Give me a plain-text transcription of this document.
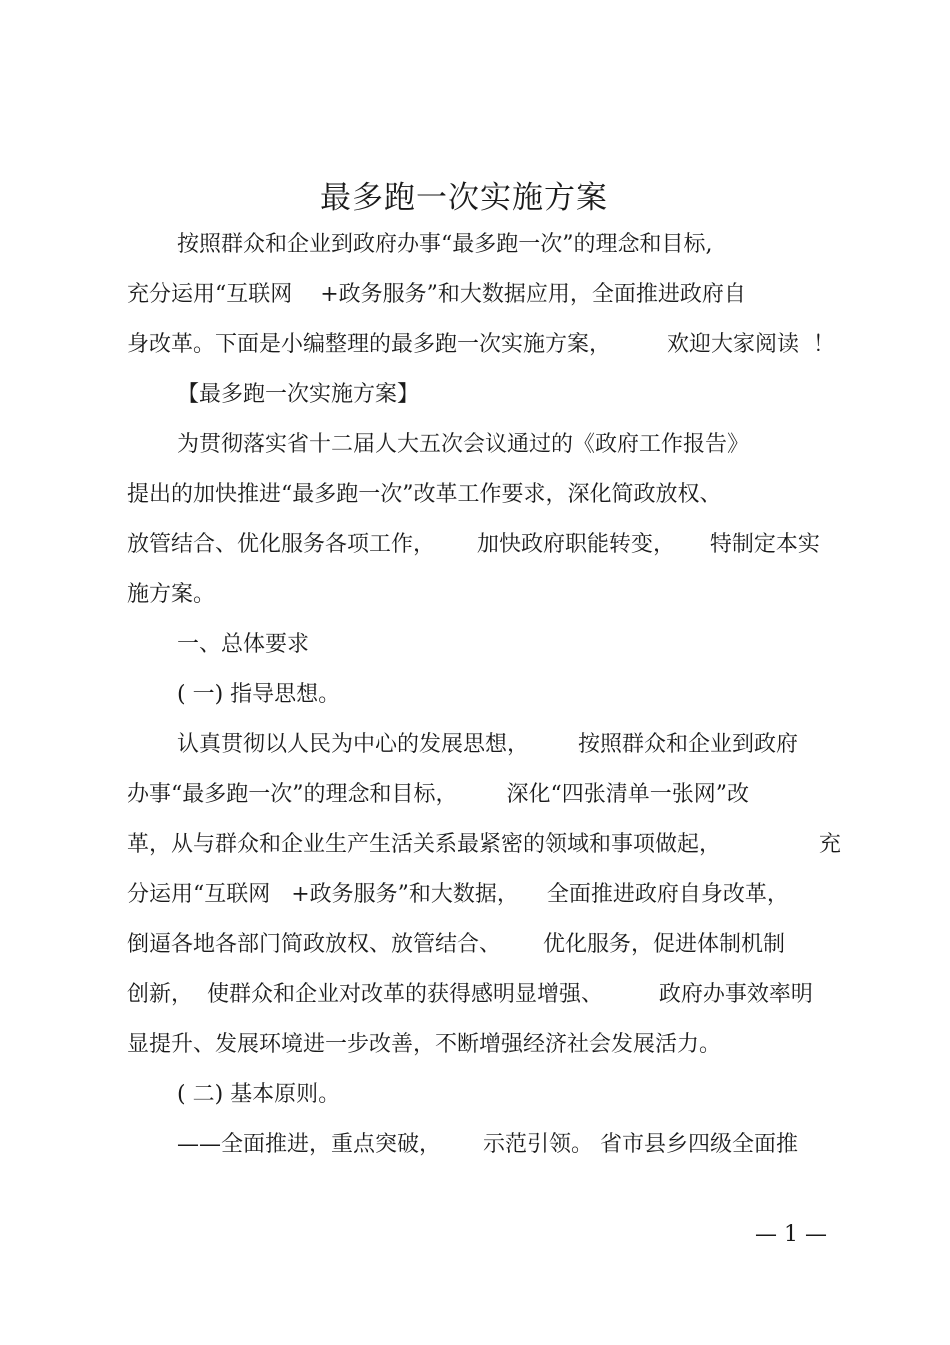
最多跑一次实施方案
按照群众和企业到政府办事“最多跑一次”的理念和目标,
充分运用“互联网    +政务服务”和大数据应用，全面推进政府自
身改革。下面是小编整理的最多跑一次实施方案，        欢迎大家阅读  ！
【最多跑一次实施方案】
为贯彻落实省十二届人大五次会议通过的《政府工作报告》
提出的加快推进“最多跑一次”改革工作要求，深化简政放权、
放管结合、优化服务各项工作，      加快政府职能转变，     特制定本实
施方案。
一、总体要求
( 一) 指导思想。
认真贯彻以人民为中心的发展思想，       按照群众和企业到政府
办事“最多跑一次”的理念和目标，       深化“四张清单一张网”改
革，从与群众和企业生产生活关系最紧密的领域和事项做起，              充
分运用“互联网   +政务服务”和大数据，    全面推进政府自身改革，
倒逼各地各部门简政放权、放管结合、      优化服务，促进体制机制
创新，  使群众和企业对改革的获得感明显增强、        政府办事效率明
显提升、发展环境进一步改善，不断增强经济社会发展活力。
( 二) 基本原则。
——全面推进，重点突破，      示范引领。 省市县乡四级全面推
— 1 —
